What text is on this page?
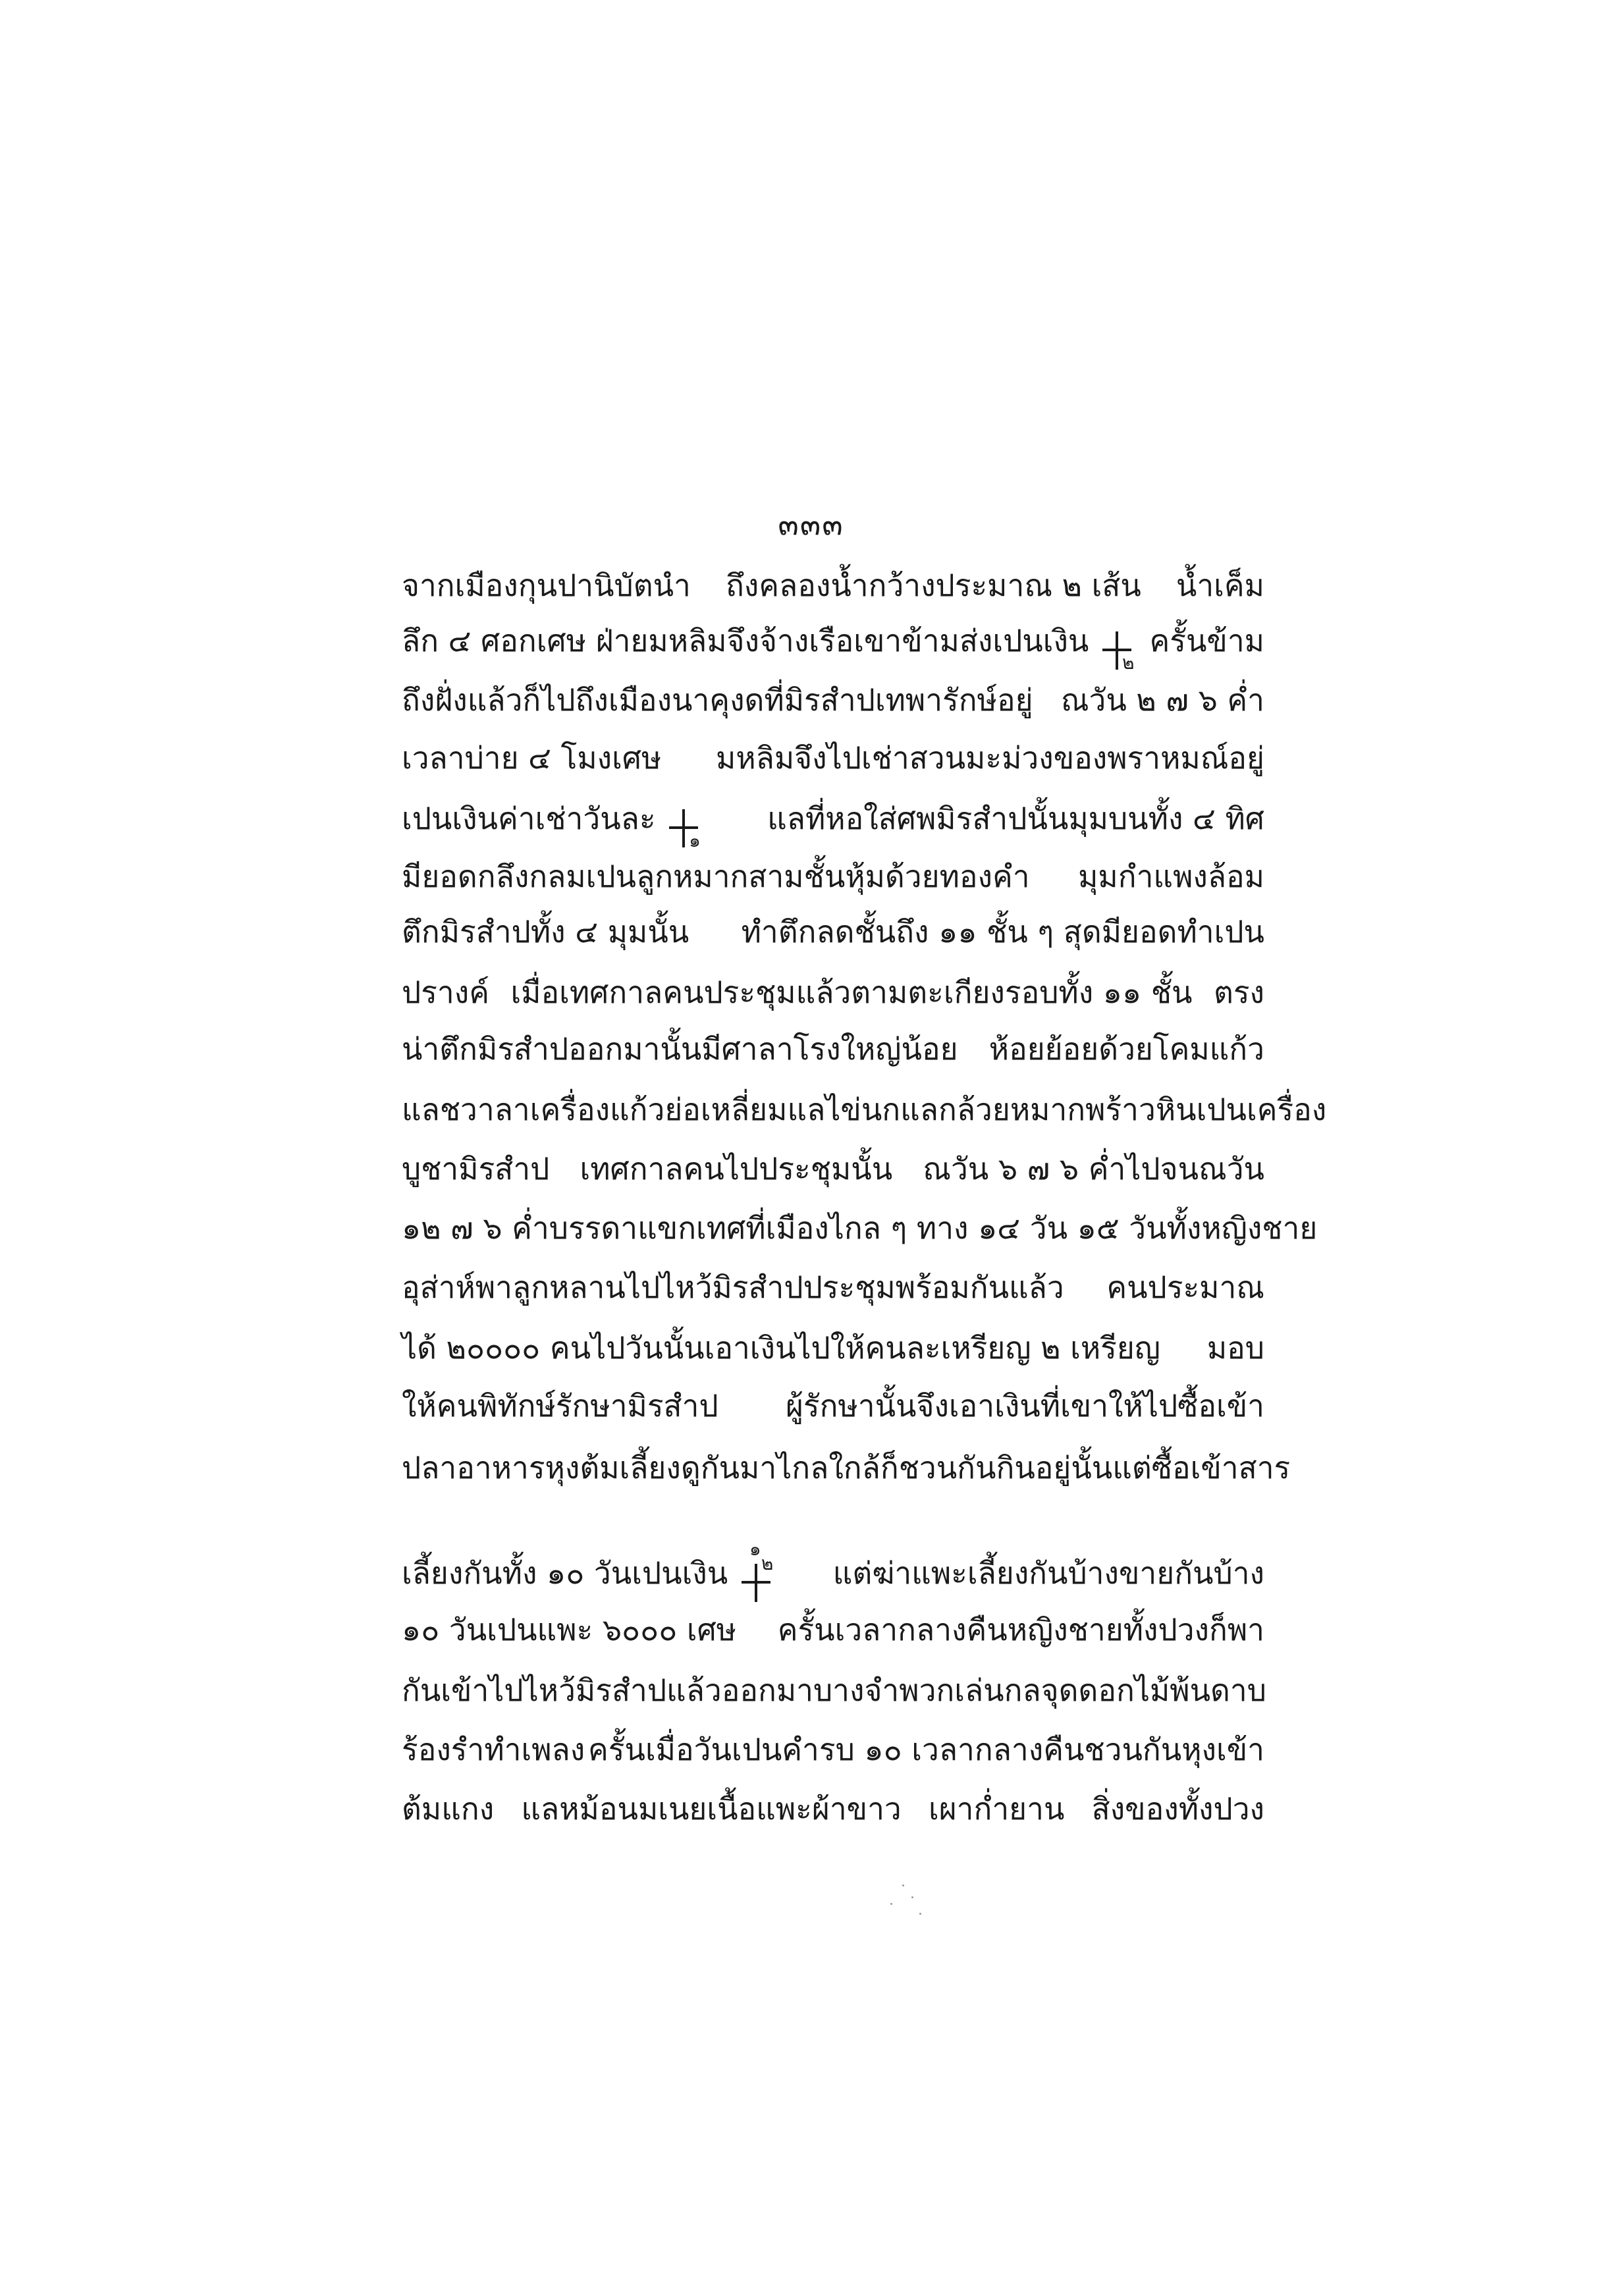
๓๓๓
จากเมืองกุนปานิบัตนำ ถึงคลองน้ำกว้างประมาณ ๒ เส้น น้ำเค็ม
ลึก ๔ ศอกเศษ ฝ่ายมหลิมจึงจ้างเรือเขาข้ามส่งเปนเงิน
๒
ครั้นข้าม
ถึงฝั่งแล้วก็ไปถึงเมืองนาคุงดที่มิรสำปเทพารักษ์อยู่ ณวัน ๒ ๗ ๖ ค่ำ
เวลาบ่าย ๔ โมงเศษ มหลิมจึงไปเช่าสวนมะม่วงของพราหมณ์อยู่
เปนเงินค่าเช่าวันละ
๑
แลที่หอใส่ศพมิรสำปนั้นมุมบนทั้ง ๔ ทิศ
มียอดกลึงกลมเปนลูกหมากสามชั้นหุ้มด้วยทองคำ มุมกำแพงล้อม
ตึกมิรสำปทั้ง ๔ มุมนั้น ทำตึกลดชั้นถึง ๑๑ ชั้น ๆ สุดมียอดทำเปน
ปรางค์ เมื่อเทศกาลคนประชุมแล้วตามตะเกียงรอบทั้ง ๑๑ ชั้น ตรง
น่าตึกมิรสำปออกมานั้นมีศาลาโรงใหญ่น้อย ห้อยย้อยด้วยโคมแก้ว
แลชวาลาเครื่องแก้วย่อเหลี่ยมแลไข่นกแลกล้วยหมากพร้าวหินเปนเครื่อง
บูชามิรสำป เทศกาลคนไปประชุมนั้น ณวัน ๖ ๗ ๖ ค่ำไปจนณวัน
๑๒ ๗ ๖ ค่ำ บรรดาแขกเทศที่เมืองไกล ๆ ทาง ๑๔ วัน ๑๕ วันทั้งหญิงชาย
อุส่าห์พาลูกหลานไปไหว้มิรสำปประชุมพร้อมกันแล้ว คนประมาณ
ได้ ๒๐๐๐๐ คนไปวันนั้นเอาเงินไปให้คนละเหรียญ ๒ เหรียญ มอบ
ให้คนพิทักษ์รักษามิรสำป ผู้รักษานั้นจึงเอาเงินที่เขาให้ไปซื้อเข้า
ปลาอาหารหุงต้มเลี้ยงดูกันมาไกลใกล้ก็ชวนกันกินอยู่นั้น แต่ซื้อเข้าสาร
เลี้ยงกันทั้ง ๑๐ วันเปนเงิน
๑
๒ แต่ฆ่าแพะเลี้ยงกันบ้างขายกันบ้าง
๑๐ วันเปนแพะ ๖๐๐๐ เศษ ครั้นเวลากลางคืนหญิงชายทั้งปวงก็พา
กันเข้าไปไหว้มิรสำปแล้วออกมา บางจำพวกเล่นกลจุดดอกไม้พ้นดาบ
ร้องรำทำเพลง ครั้นเมื่อวันเปนคำรบ ๑๐ เวลากลางคืนชวนกันหุงเข้า
ต้มแกง แลหม้อนมเนยเนื้อแพะผ้าขาว เผาก่ำยาน สิ่งของทั้งปวง
